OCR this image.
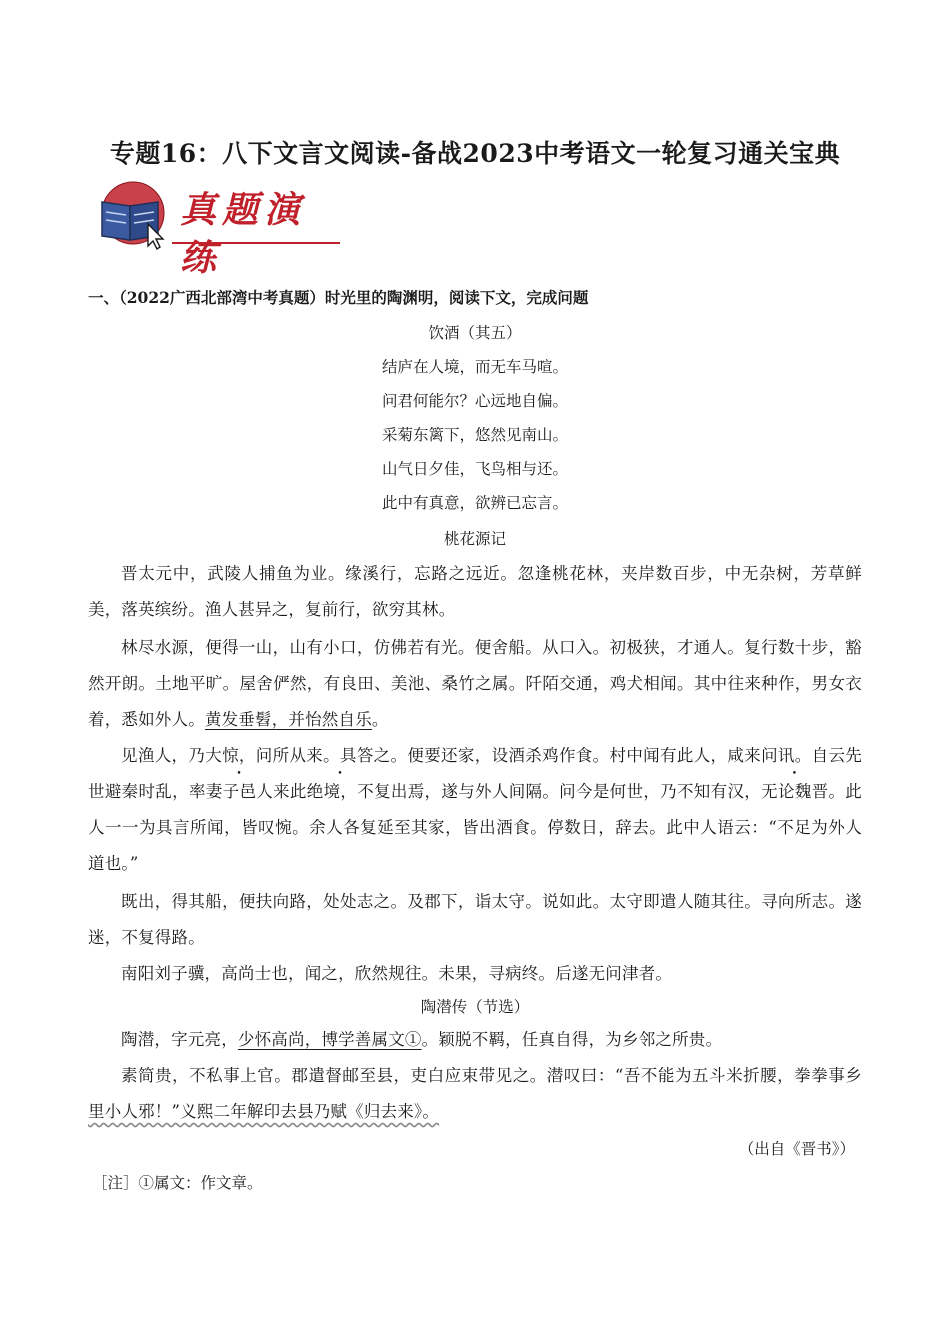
专题16：八下文言文阅读-备战2023中考语文一轮复习通关宝典
真题演练
一、（2022广西北部湾中考真题）时光里的陶渊明，阅读下文，完成问题
饮酒（其五）
结庐在人境，而无车马喧。
问君何能尔？心远地自偏。
采菊东篱下，悠然见南山。
山气日夕佳，飞鸟相与还。
此中有真意，欲辨已忘言。
桃花源记

晋太元中，武陵人捕鱼为业。缘溪行，忘路之远近。忽逢桃花林，夹岸数百步，中无杂树，芳草鲜美，落英缤纷。渔人甚异之，复前行，欲穷其林。

林尽水源，便得一山，山有小口，仿佛若有光。便舍船。从口入。初极狭，才通人。复行数十步，豁然开朗。土地平旷。屋舍俨然，有良田、美池、桑竹之属。阡陌交通，鸡犬相闻。其中往来种作，男女衣着，悉如外人。黄发垂髫，并怡然自乐。

见渔人，乃大惊，问所从来。具答之。便要还家，设酒杀鸡作食。村中闻有此人，咸来问讯。自云先世避秦时乱，率妻子邑人来此绝境，不复出焉，遂与外人间隔。问今是何世，乃不知有汉，无论魏晋。此人一一为具言所闻，皆叹惋。余人各复延至其家，皆出酒食。停数日，辞去。此中人语云：“不足为外人道也。”

既出，得其船，便扶向路，处处志之。及郡下，诣太守。说如此。太守即遣人随其往。寻向所志。遂迷，不复得路。

南阳刘子骥，高尚士也，闻之，欣然规往。未果，寻病终。后遂无问津者。

陶潜传（节选）

陶潜，字元亮，少怀高尚，博学善属文①。颖脱不羁，任真自得，为乡邻之所贵。

素简贵，不私事上官。郡遣督邮至县，吏白应束带见之。潜叹曰：“吾不能为五斗米折腰，拳拳事乡里小人邪！”义熙二年解印去县乃赋《归去来》。

（出自《晋书》）
［注］①属文：作文章。
